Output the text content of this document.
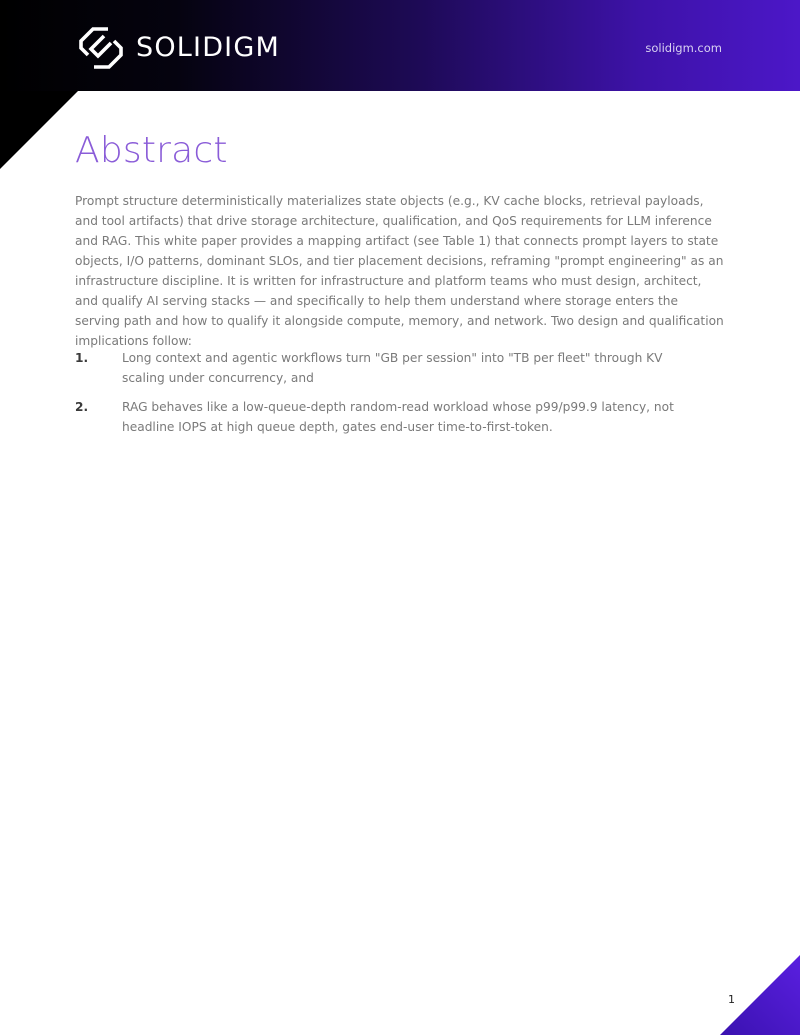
SOLIDIGM	solidigm.com
Abstract

Prompt structure deterministically materializes state objects (e.g., KV cache blocks, retrieval payloads, and tool artifacts) that drive storage architecture, qualification, and QoS requirements for LLM inference and RAG. This white paper provides a mapping artifact (see Table 1) that connects prompt layers to state objects, I/O patterns, dominant SLOs, and tier placement decisions, reframing "prompt engineering" as an infrastructure discipline. It is written for infrastructure and platform teams who must design, architect, and qualify AI serving stacks — and specifically to help them understand where storage enters the serving path and how to qualify it alongside compute, memory, and network. Two design and qualification implications follow:

1.	Long context and agentic workflows turn "GB per session" into "TB per fleet" through KV scaling under concurrency, and
2.	RAG behaves like a low-queue-depth random-read workload whose p99/p99.9 latency, not headline IOPS at high queue depth, gates end-user time-to-first-token.
1
